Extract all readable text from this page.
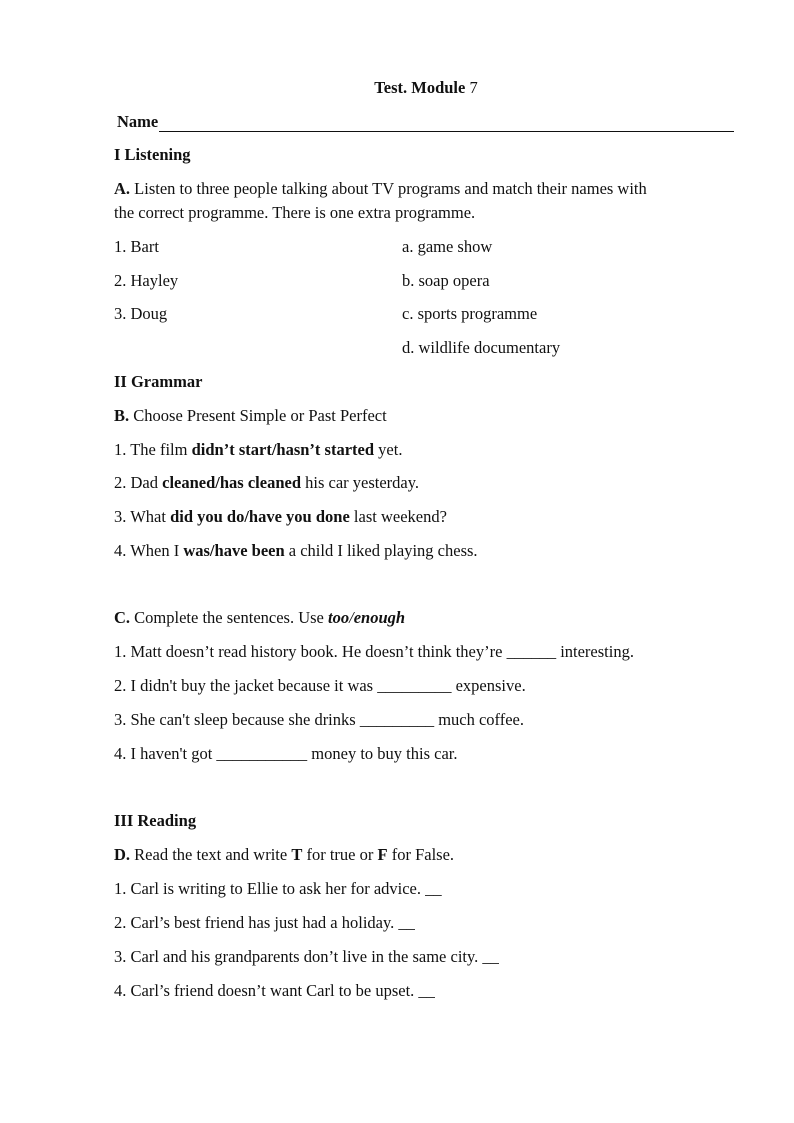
Test. Module 7
Name
I Listening
A. Listen to three people talking about TV programs and match their names with
the correct programme. There is one extra programme.
1. Bart
2. Hayley
3. Doug
a. game show
b. soap opera
c. sports programme
d. wildlife documentary
II Grammar
B. Choose Present Simple or Past Perfect
1. The film didn’t start/hasn’t started yet.
2. Dad cleaned/has cleaned his car yesterday.
3. What did you do/have you done last weekend?
4. When I was/have been a child I liked playing chess.
C. Complete the sentences. Use too/enough
1. Matt doesn’t read history book. He doesn’t think they’re ______ interesting.
2. I didn't buy the jacket because it was _________ expensive.
3. She can't sleep because she drinks _________ much coffee.
4. I haven't got ___________ money to buy this car.
III Reading
D. Read the text and write T for true or F for False.
1. Carl is writing to Ellie to ask her for advice. __
2. Carl’s best friend has just had a holiday. __
3. Carl and his grandparents don’t live in the same city. __
4. Carl’s friend doesn’t want Carl to be upset. __
